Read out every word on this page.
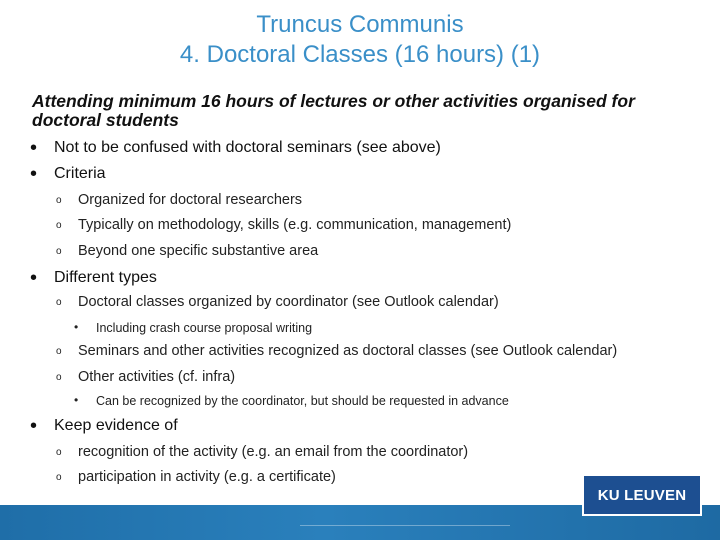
Truncus Communis
4. Doctoral Classes (16 hours) (1)
Attending minimum 16 hours of lectures or other activities organised for doctoral students
• Not to be confused with doctoral seminars (see above)
• Criteria
o Organized for doctoral researchers
o Typically on methodology, skills (e.g. communication, management)
o Beyond one specific substantive area
• Different types
o Doctoral classes organized by coordinator (see Outlook calendar)
• Including crash course proposal writing
o Seminars and other activities recognized as doctoral classes (see Outlook calendar)
o Other activities (cf. infra)
• Can be recognized by the coordinator, but should be requested in advance
• Keep evidence of
o recognition of the activity (e.g. an email from the coordinator)
o participation in activity (e.g. a certificate)
KU LEUVEN
